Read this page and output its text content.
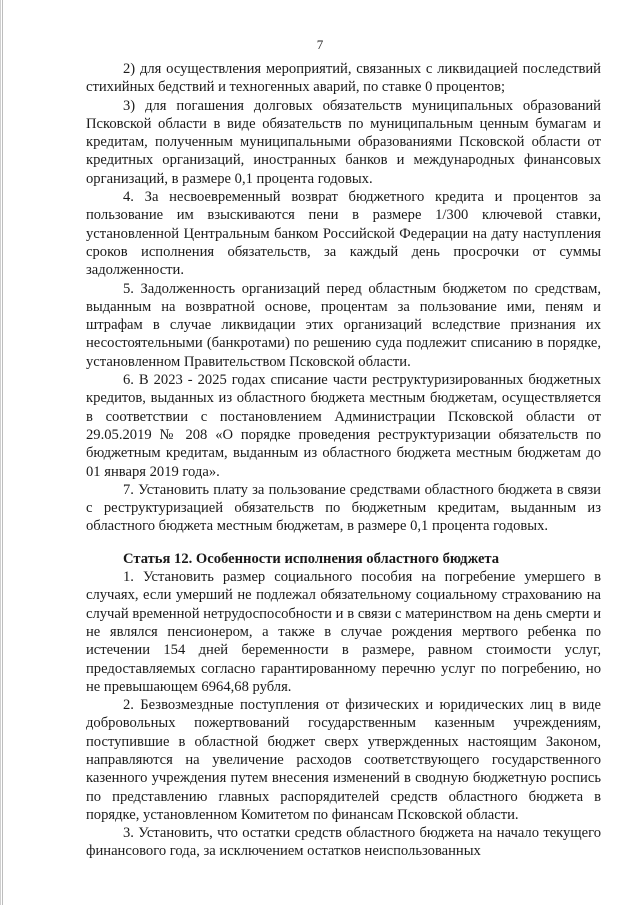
7

2) для осуществления мероприятий, связанных с ликвидацией последствий стихийных бедствий и техногенных аварий, по ставке 0 процентов;

3) для погашения долговых обязательств муниципальных образований Псковской области в виде обязательств по муниципальным ценным бумагам и кредитам, полученным муниципальными образованиями Псковской области от кредитных организаций, иностранных банков и международных финансовых организаций, в размере 0,1 процента годовых.

4. За несвоевременный возврат бюджетного кредита и процентов за пользование им взыскиваются пени в размере 1/300 ключевой ставки, установленной Центральным банком Российской Федерации на дату наступления сроков исполнения обязательств, за каждый день просрочки от суммы задолженности.

5. Задолженность организаций перед областным бюджетом по средствам, выданным на возвратной основе, процентам за пользование ими, пеням и штрафам в случае ликвидации этих организаций вследствие признания их несостоятельными (банкротами) по решению суда подлежит списанию в порядке, установленном Правительством Псковской области.

6. В 2023 - 2025 годах списание части реструктуризированных бюджетных кредитов, выданных из областного бюджета местным бюджетам, осуществляется в соответствии с постановлением Администрации Псковской области от 29.05.2019 № 208 «О порядке проведения реструктуризации обязательств по бюджетным кредитам, выданным из областного бюджета местным бюджетам до 01 января 2019 года».

7. Установить плату за пользование средствами областного бюджета в связи с реструктуризацией обязательств по бюджетным кредитам, выданным из областного бюджета местным бюджетам, в размере 0,1 процента годовых.

Статья 12. Особенности исполнения областного бюджета

1. Установить размер социального пособия на погребение умершего в случаях, если умерший не подлежал обязательному социальному страхованию на случай временной нетрудоспособности и в связи с материнством на день смерти и не являлся пенсионером, а также в случае рождения мертвого ребенка по истечении 154 дней беременности в размере, равном стоимости услуг, предоставляемых согласно гарантированному перечню услуг по погребению, но не превышающем 6964,68 рубля.

2. Безвозмездные поступления от физических и юридических лиц в виде добровольных пожертвований государственным казенным учреждениям, поступившие в областной бюджет сверх утвержденных настоящим Законом, направляются на увеличение расходов соответствующего государственного казенного учреждения путем внесения изменений в сводную бюджетную роспись по представлению главных распорядителей средств областного бюджета в порядке, установленном Комитетом по финансам Псковской области.

3. Установить, что остатки средств областного бюджета на начало текущего финансового года, за исключением остатков неиспользованных
